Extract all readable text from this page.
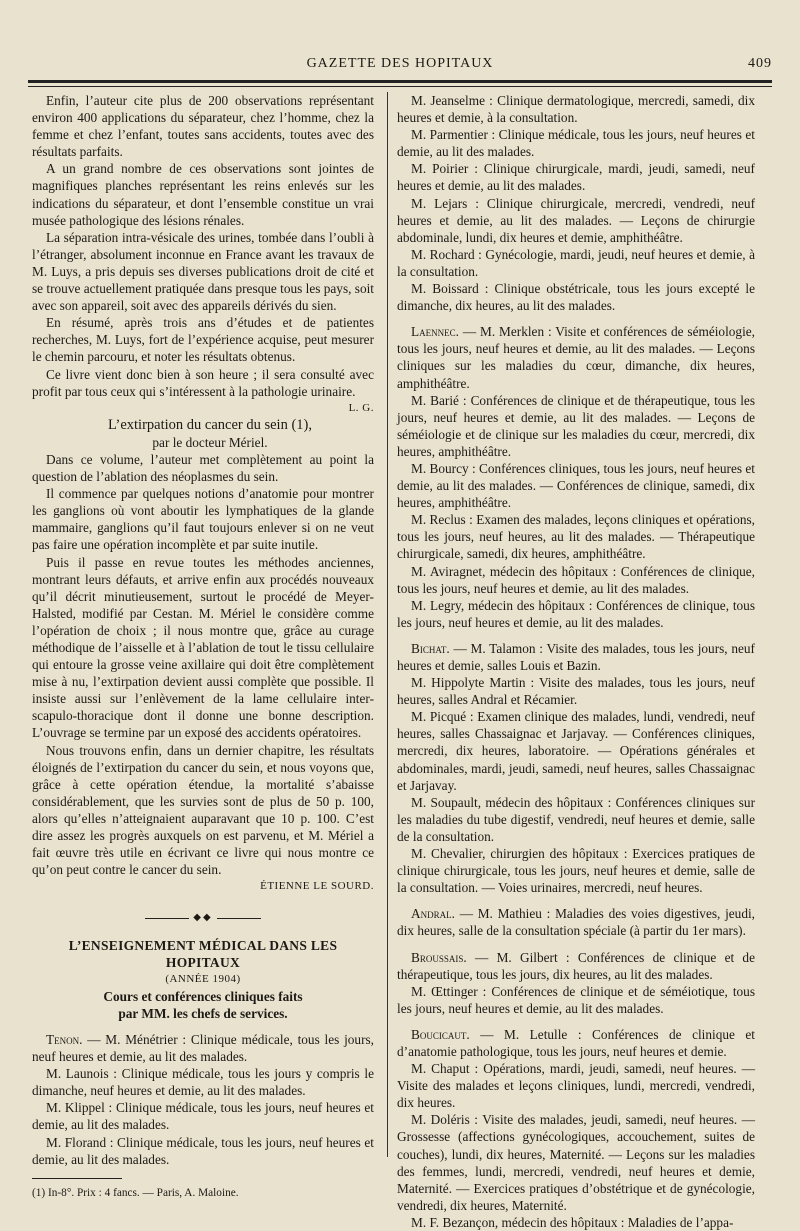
GAZETTE DES HOPITAUX	409

Enfin, l’auteur cite plus de 200 observations représentant environ 400 applications du séparateur, chez l’homme, chez la femme et chez l’enfant, toutes sans accidents, toutes avec des résultats parfaits.

A un grand nombre de ces observations sont jointes de magnifiques planches représentant les reins enlevés sur les indications du séparateur, et dont l’ensemble constitue un vrai musée pathologique des lésions rénales.

La séparation intra-vésicale des urines, tombée dans l’oubli à l’étranger, absolument inconnue en France avant les travaux de M. Luys, a pris depuis ses diverses publications droit de cité et se trouve actuellement pratiquée dans presque tous les pays, soit avec son appareil, soit avec des appareils dérivés du sien.

En résumé, après trois ans d’études et de patientes recherches, M. Luys, fort de l’expérience acquise, peut mesurer le chemin parcouru, et noter les résultats obtenus.

Ce livre vient donc bien à son heure ; il sera consulté avec profit par tous ceux qui s’intéressent à la pathologie urinaire.

L. G.

L’extirpation du cancer du sein (1),

par le docteur Mériel.

Dans ce volume, l’auteur met complètement au point la question de l’ablation des néoplasmes du sein.

Il commence par quelques notions d’anatomie pour montrer les ganglions où vont aboutir les lymphatiques de la glande mammaire, ganglions qu’il faut toujours enlever si on ne veut pas faire une opération incomplète et par suite inutile.

Puis il passe en revue toutes les méthodes anciennes, montrant leurs défauts, et arrive enfin aux procédés nouveaux qu’il décrit minutieusement, surtout le procédé de Meyer-Halsted, modifié par Cestan. M. Mériel le considère comme l’opération de choix ; il nous montre que, grâce au curage méthodique de l’aisselle et à l’ablation de tout le tissu cellulaire qui entoure la grosse veine axillaire qui doit être complètement mise à nu, l’extirpation devient aussi complète que possible. Il insiste aussi sur l’enlèvement de la lame cellulaire inter-scapulo-thoracique dont il donne une bonne description. L’ouvrage se termine par un exposé des accidents opératoires.

Nous trouvons enfin, dans un dernier chapitre, les résultats éloignés de l’extirpation du cancer du sein, et nous voyons que, grâce à cette opération étendue, la mortalité s’abaisse considérablement, que les survies sont de plus de 50 p. 100, alors qu’elles n’atteignaient auparavant que 10 p. 100. C’est dire assez les progrès auxquels on est parvenu, et M. Mériel a fait œuvre très utile en écrivant ce livre qui nous montre ce qu’on peut contre le cancer du sein.

ÉTIENNE LE SOURD.

◆◆

L’ENSEIGNEMENT MÉDICAL DANS LES HOPITAUX

(ANNÉE 1904)

Cours et conférences cliniques faits

par MM. les chefs de services.

Tenon. — M. Ménétrier : Clinique médicale, tous les jours, neuf heures et demie, au lit des malades.

M. Launois : Clinique médicale, tous les jours y compris le dimanche, neuf heures et demie, au lit des malades.

M. Klippel : Clinique médicale, tous les jours, neuf heures et demie, au lit des malades.

M. Florand : Clinique médicale, tous les jours, neuf heures et demie, au lit des malades.

(1) In-8°. Prix : 4 fancs. — Paris, A. Maloine.

M. Jeanselme : Clinique dermatologique, mercredi, samedi, dix heures et demie, à la consultation.

M. Parmentier : Clinique médicale, tous les jours, neuf heures et demie, au lit des malades.

M. Poirier : Clinique chirurgicale, mardi, jeudi, samedi, neuf heures et demie, au lit des malades.

M. Lejars : Clinique chirurgicale, mercredi, vendredi, neuf heures et demie, au lit des malades. — Leçons de chirurgie abdominale, lundi, dix heures et demie, amphithéâtre.

M. Rochard : Gynécologie, mardi, jeudi, neuf heures et demie, à la consultation.

M. Boissard : Clinique obstétricale, tous les jours excepté le dimanche, dix heures, au lit des malades.

Laennec. — M. Merklen : Visite et conférences de séméiologie, tous les jours, neuf heures et demie, au lit des malades. — Leçons cliniques sur les maladies du cœur, dimanche, dix heures, amphithéâtre.

M. Barié : Conférences de clinique et de thérapeutique, tous les jours, neuf heures et demie, au lit des malades. — Leçons de séméiologie et de clinique sur les maladies du cœur, mercredi, dix heures, amphithéâtre.

M. Bourcy : Conférences cliniques, tous les jours, neuf heures et demie, au lit des malades. — Conférences de clinique, samedi, dix heures, amphithéâtre.

M. Reclus : Examen des malades, leçons cliniques et opérations, tous les jours, neuf heures, au lit des malades. — Thérapeutique chirurgicale, samedi, dix heures, amphithéâtre.

M. Aviragnet, médecin des hôpitaux : Conférences de clinique, tous les jours, neuf heures et demie, au lit des malades.

M. Legry, médecin des hôpitaux : Conférences de clinique, tous les jours, neuf heures et demie, au lit des malades.

Bichat. — M. Talamon : Visite des malades, tous les jours, neuf heures et demie, salles Louis et Bazin.

M. Hippolyte Martin : Visite des malades, tous les jours, neuf heures, salles Andral et Récamier.

M. Picqué : Examen clinique des malades, lundi, vendredi, neuf heures, salles Chassaignac et Jarjavay. — Conférences cliniques, mercredi, dix heures, laboratoire. — Opérations générales et abdominales, mardi, jeudi, samedi, neuf heures, salles Chassaignac et Jarjavay.

M. Soupault, médecin des hôpitaux : Conférences cliniques sur les maladies du tube digestif, vendredi, neuf heures et demie, salle de la consultation.

M. Chevalier, chirurgien des hôpitaux : Exercices pratiques de clinique chirurgicale, tous les jours, neuf heures et demie, salle de la consultation. — Voies urinaires, mercredi, neuf heures.

Andral. — M. Mathieu : Maladies des voies digestives, jeudi, dix heures, salle de la consultation spéciale (à partir du 1er mars).

Broussais. — M. Gilbert : Conférences de clinique et de thérapeutique, tous les jours, dix heures, au lit des malades.

M. Œttinger : Conférences de clinique et de séméiotique, tous les jours, neuf heures et demie, au lit des malades.

Boucicaut. — M. Letulle : Conférences de clinique et d’anatomie pathologique, tous les jours, neuf heures et demie.

M. Chaput : Opérations, mardi, jeudi, samedi, neuf heures. — Visite des malades et leçons cliniques, lundi, mercredi, vendredi, dix heures.

M. Doléris : Visite des malades, jeudi, samedi, neuf heures. — Grossesse (affections gynécologiques, accouchement, suites de couches), lundi, dix heures, Maternité. — Leçons sur les maladies des femmes, lundi, mercredi, vendredi, neuf heures et demie, Maternité. — Exercices pratiques d’obstétrique et de gynécologie, vendredi, dix heures, Maternité.

M. F. Bezançon, médecin des hôpitaux : Maladies de l’appa-
